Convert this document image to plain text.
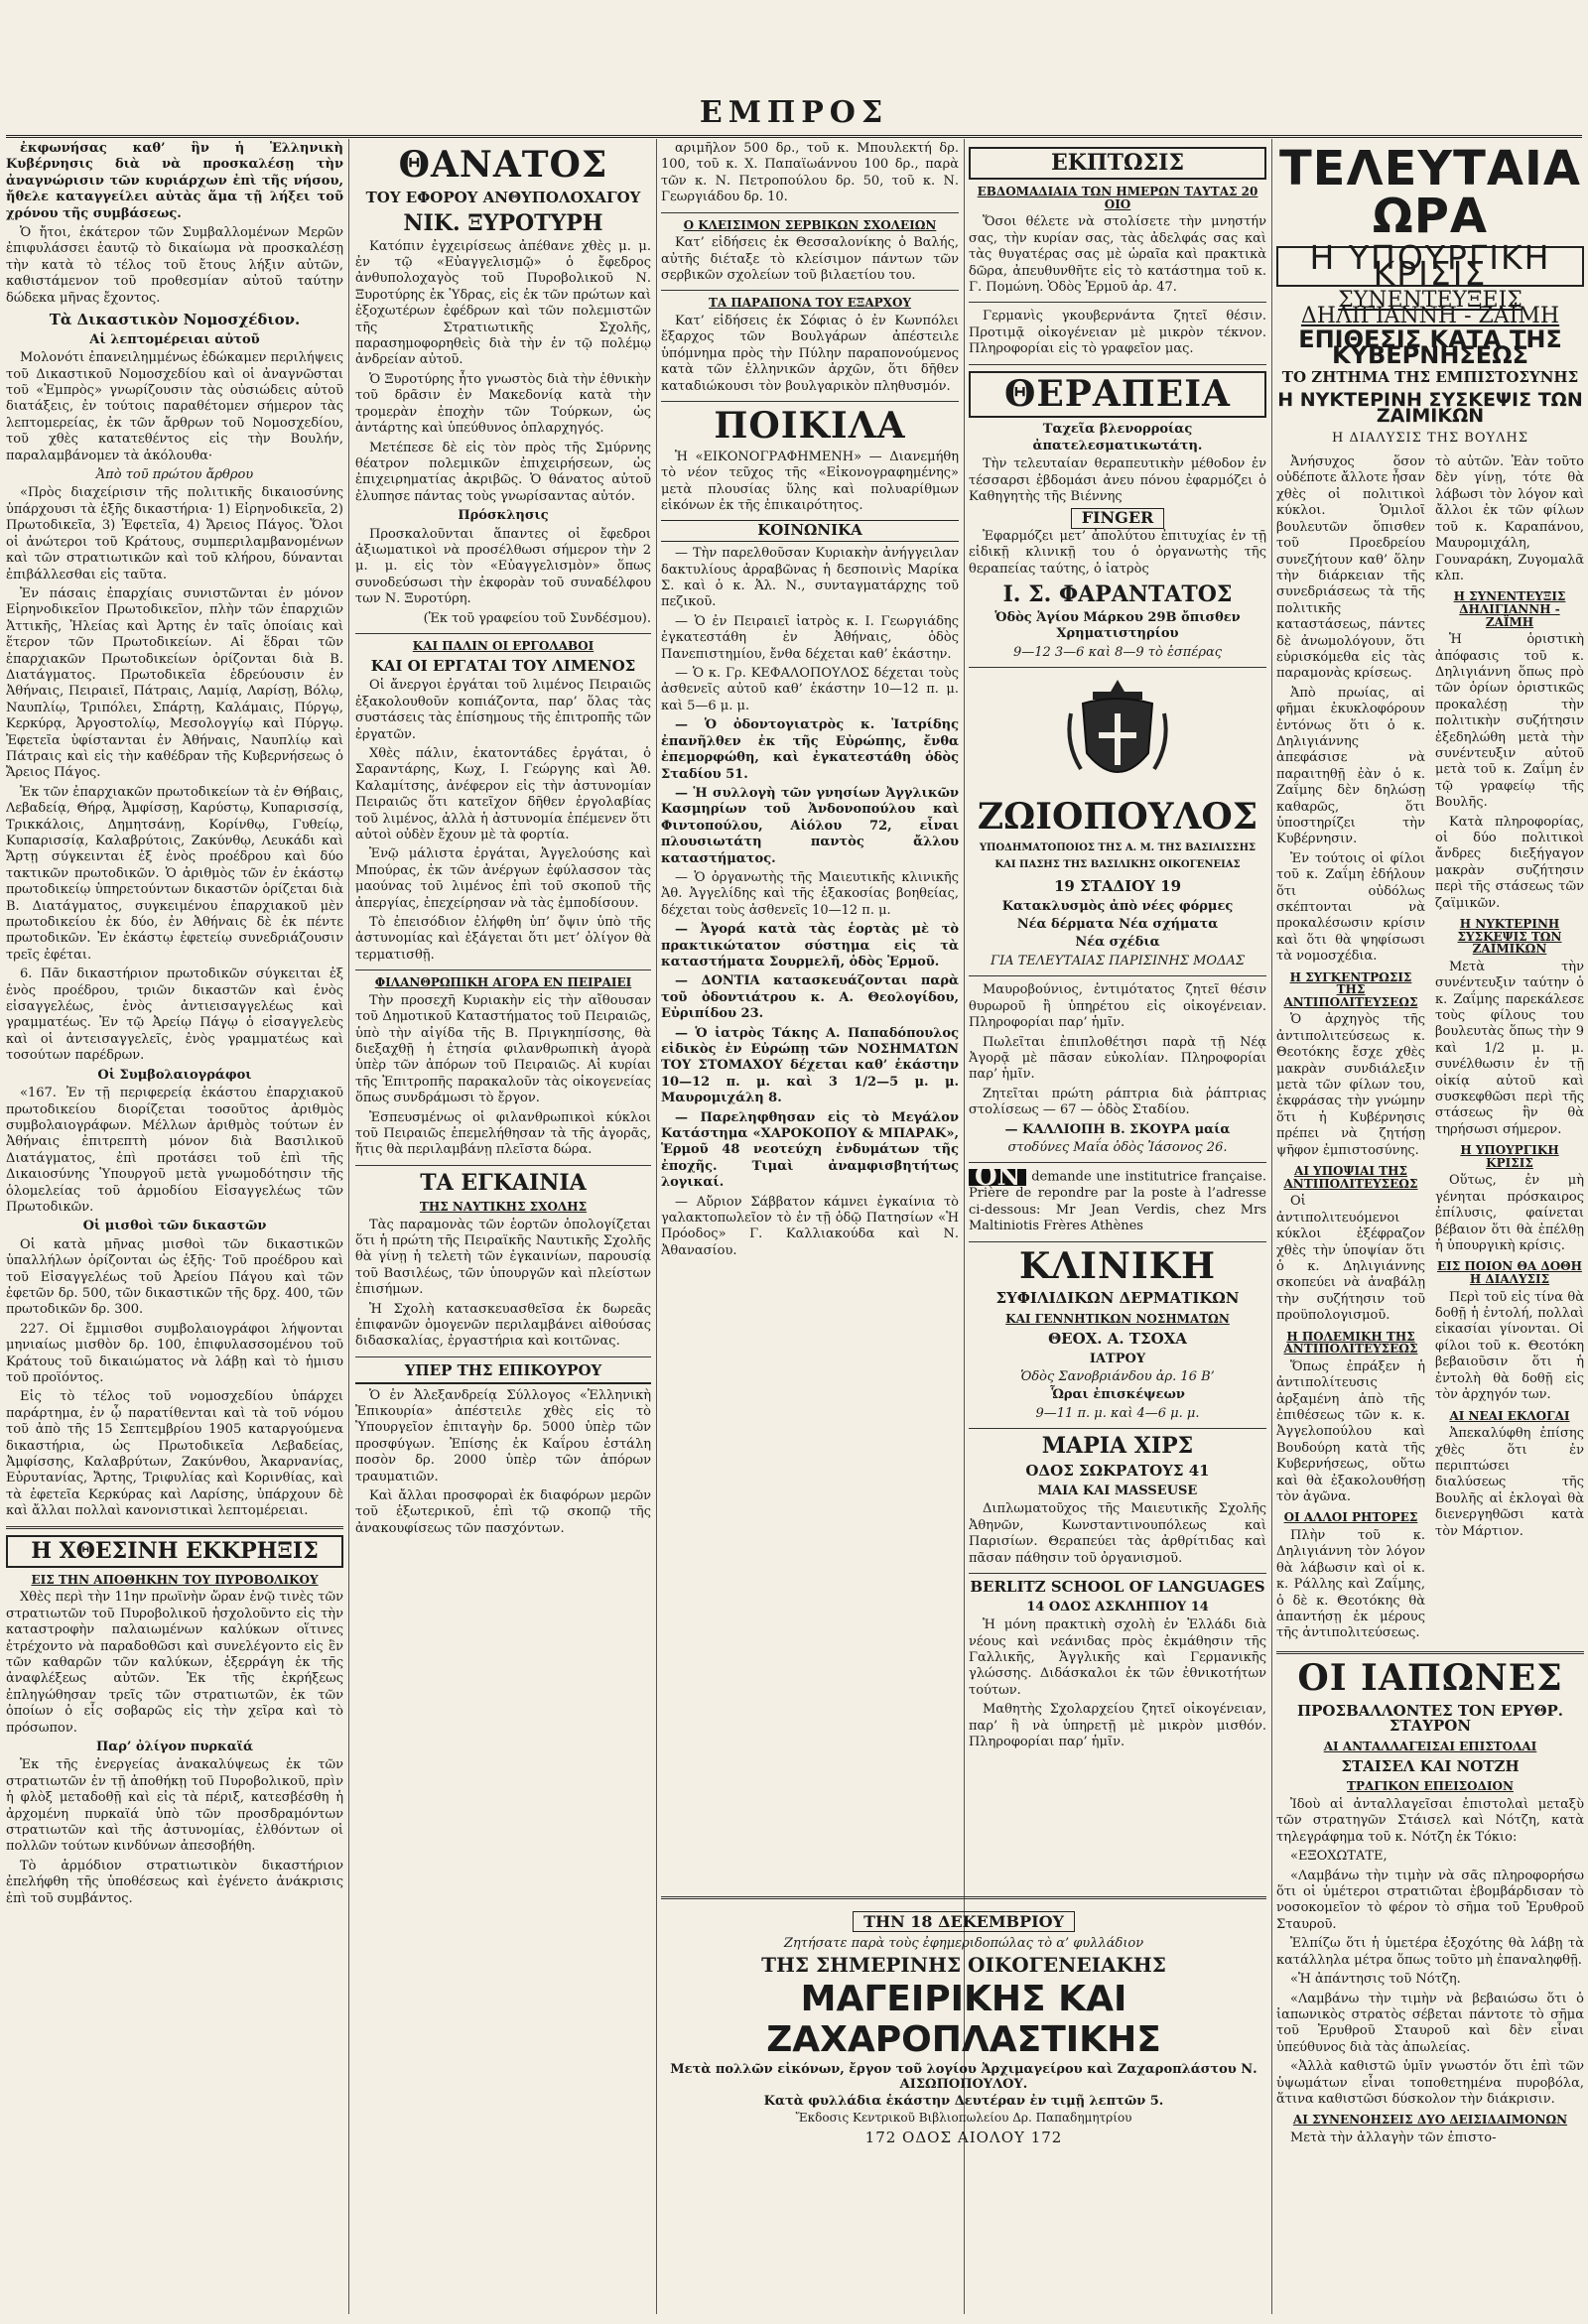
ΕΜΠΡΟΣ

ἐκφωνήσας καθ’ ἣν ἡ Ἑλληνικὴ Κυβέρνησις διὰ νὰ προσκαλέσῃ τὴν ἀναγνώρισιν τῶν κυριάρχων ἐπὶ τῆς νήσου, ἤθελε καταγγείλει αὐτὰς ἅμα τῇ λήξει τοῦ χρόνου τῆς συμβάσεως.

Ὁ ἤτοι, ἑκάτερον τῶν Συμβαλλομένων Μερῶν ἐπιφυλάσσει ἑαυτῷ τὸ δικαίωμα νὰ προσκαλέσῃ τὴν κατὰ τὸ τέλος τοῦ ἔτους λήξιν αὐτῶν, καθιστάμενον τοῦ προθεσμίαν αὐτοῦ ταύτην δώδεκα μῆνας ἔχοντος.

Τὰ Δικαστικὸν Νομοσχέδιον.
Αἱ λεπτομέρειαι αὐτοῦ

Μολονότι ἐπανειλημμένως ἐδώκαμεν περιλήψεις τοῦ Δικαστικοῦ Νομοσχεδίου καὶ οἱ ἀναγνῶσται τοῦ «Ἐμπρὸς» γνωρίζουσιν τὰς οὐσιώδεις αὐτοῦ διατάξεις, ἐν τούτοις παραθέτομεν σήμερον τὰς λεπτομερείας, ἐκ τῶν ἄρθρων τοῦ Νομοσχεδίου, τοῦ χθὲς κατατεθέντος εἰς τὴν Βουλήν, παραλαμβάνομεν τὰ ἀκόλουθα·

Ἀπὸ τοῦ πρώτου ἄρθρου

«Πρὸς διαχείρισιν τῆς πολιτικῆς δικαιοσύνης ὑπάρχουσι τὰ ἑξῆς δικαστήρια· 1) Εἰρηνοδικεῖα, 2) Πρωτοδικεῖα, 3) Ἐφετεῖα, 4) Ἄρειος Πάγος. Ὅλοι οἱ ἀνώτεροι τοῦ Κράτους, συμπεριλαμβανομένων καὶ τῶν στρατιωτικῶν καὶ τοῦ κλήρου, δύνανται ἐπιβάλλεσθαι εἰς ταῦτα.

Ἐν πάσαις ἐπαρχίαις συνιστῶνται ἐν μόνον Εἰρηνοδικεῖον Πρωτοδικεῖον, πλὴν τῶν ἐπαρχιῶν Ἀττικῆς, Ἠλείας καὶ Ἀρτης ἐν ταῖς ὁποίαις καὶ ἕτερον τῶν Πρωτοδικείων. Αἱ ἕδραι τῶν ἐπαρχιακῶν Πρωτοδικείων ὁρίζονται διὰ Β. Διατάγματος. Πρωτοδικεῖα ἐδρεύουσιν ἐν Ἀθήναις, Πειραιεῖ, Πάτραις, Λαμίᾳ, Λαρίσῃ, Βόλῳ, Ναυπλίῳ, Τριπόλει, Σπάρτῃ, Καλάμαις, Πύργῳ, Κερκύρᾳ, Ἀργοστολίῳ, Μεσολογγίῳ καὶ Πύργῳ. Ἐφετεῖα ὑφίστανται ἐν Ἀθήναις, Ναυπλίῳ καὶ Πάτραις καὶ εἰς τὴν καθέδραν τῆς Κυβερνήσεως ὁ Ἄρειος Πάγος.

Ἐκ τῶν ἐπαρχιακῶν πρωτοδικείων τὰ ἐν Θήβαις, Λεβαδείᾳ, Θήρᾳ, Ἀμφίσσῃ, Καρύστῳ, Κυπαρισσίᾳ, Τρικκάλοις, Δημητσάνῃ, Κορίνθῳ, Γυθείῳ, Κυπαρισσίᾳ, Καλαβρύτοις, Ζακύνθῳ, Λευκάδι καὶ Ἄρτῃ σύγκεινται ἐξ ἑνὸς προέδρου καὶ δύο τακτικῶν πρωτοδικῶν. Ὁ ἀριθμὸς τῶν ἐν ἑκάστῳ πρωτοδικείῳ ὑπηρετούντων δικαστῶν ὁρίζεται διὰ Β. Διατάγματος, συγκειμένου ἐπαρχιακοῦ μὲν πρωτοδικείου ἐκ δύο, ἐν Ἀθήναις δὲ ἐκ πέντε πρωτοδικῶν. Ἐν ἑκάστῳ ἐφετείῳ συνεδριάζουσιν τρεῖς ἐφέται.

6. Πᾶν δικαστήριον πρωτοδικῶν σύγκειται ἐξ ἑνὸς προέδρου, τριῶν δικαστῶν καὶ ἑνὸς εἰσαγγελέως, ἑνὸς ἀντιεισαγγελέως καὶ γραμματέως. Ἐν τῷ Ἀρείῳ Πάγῳ ὁ εἰσαγγελεὺς καὶ οἱ ἀντεισαγγελεῖς, ἐνὸς γραμματέως καὶ τοσούτων παρέδρων.

Οἱ Συμβολαιογράφοι

«167. Ἐν τῇ περιφερείᾳ ἑκάστου ἐπαρχιακοῦ πρωτοδικείου διορίζεται τοσοῦτος ἀριθμὸς συμβολαιογράφων. Μέλλων ἀριθμὸς τούτων ἐν Ἀθήναις ἐπιτρεπτὴ μόνον διὰ Βασιλικοῦ Διατάγματος, ἐπὶ προτάσει τοῦ ἐπὶ τῆς Δικαιοσύνης Ὑπουργοῦ μετὰ γνωμοδότησιν τῆς ὁλομελείας τοῦ ἁρμοδίου Εἰσαγγελέως τῶν Πρωτοδικῶν.

Οἱ μισθοὶ τῶν δικαστῶν

Οἱ κατὰ μῆνας μισθοὶ τῶν δικαστικῶν ὑπαλλήλων ὁρίζονται ὡς ἑξῆς· Τοῦ προέδρου καὶ τοῦ Εἰσαγγελέως τοῦ Ἀρείου Πάγου καὶ τῶν ἐφετῶν δρ. 500, τῶν δικαστικῶν τῆς δρχ. 400, τῶν πρωτοδικῶν δρ. 300.

227. Οἱ ἔμμισθοι συμβολαιογράφοι λήψονται μηνιαίως μισθὸν δρ. 100, ἐπιφυλασσομένου τοῦ Κράτους τοῦ δικαιώματος νὰ λάβῃ καὶ τὸ ἡμισυ τοῦ προϊόντος.

Εἰς τὸ τέλος τοῦ νομοσχεδίου ὑπάρχει παράρτημα, ἐν ᾧ παρατίθενται καὶ τὰ τοῦ νόμου τοῦ ἀπὸ τῆς 15 Σεπτεμβρίου 1905 καταργούμενα δικαστήρια, ὡς Πρωτοδικεῖα Λεβαδείας, Ἀμφίσσης, Καλαβρύτων, Ζακύνθου, Ἀκαρνανίας, Εὐρυτανίας, Ἄρτης, Τριφυλίας καὶ Κορινθίας, καὶ τὰ ἐφετεῖα Κερκύρας καὶ Λαρίσης, ὑπάρχουν δὲ καὶ ἄλλαι πολλαὶ κανονιστικαὶ λεπτομέρειαι.

Η ΧΘΕΣΙΝΗ ΕΚΚΡΗΞΙΣ
ΕΙΣ ΤΗΝ ΑΠΟΘΗΚΗΝ ΤΟΥ ΠΥΡΟΒΟΛΙΚΟΥ

Χθὲς περὶ τὴν 11ην πρωϊνὴν ὥραν ἐνῷ τινὲς τῶν στρατιωτῶν τοῦ Πυροβολικοῦ ἠσχολοῦντο εἰς τὴν καταστροφὴν παλαιωμένων καλύκων οἵτινες ἐτρέχοντο νὰ παραδοθῶσι καὶ συνελέγοντο εἰς ἓν τῶν καθαρῶν τῶν καλύκων, ἐξερράγη ἐκ τῆς ἀναφλέξεως αὐτῶν. Ἐκ τῆς ἐκρήξεως ἐπληγώθησαν τρεῖς τῶν στρατιωτῶν, ἐκ τῶν ὁποίων ὁ εἷς σοβαρῶς εἰς τὴν χεῖρα καὶ τὸ πρόσωπον.

Παρ’ ὀλίγον πυρκαϊά

Ἐκ τῆς ἐνεργείας ἀνακαλύψεως ἐκ τῶν στρατιωτῶν ἐν τῇ ἀποθήκῃ τοῦ Πυροβολικοῦ, πρὶν ἡ φλὸξ μεταδοθῇ καὶ εἰς τὰ πέριξ, κατεσβέσθη ἡ ἀρχομένη πυρκαϊά ὑπὸ τῶν προσδραμόντων στρατιωτῶν καὶ τῆς ἀστυνομίας, ἐλθόντων οἱ πολλῶν τούτων κινδύνων ἀπεσοβήθη.

Τὸ ἁρμόδιον στρατιωτικὸν δικαστήριον ἐπελήφθη τῆς ὑποθέσεως καὶ ἐγένετο ἀνάκρισις ἐπὶ τοῦ συμβάντος.

ΘΑΝΑΤΟΣ
ΤΟΥ ΕΦΟΡΟΥ ΑΝΘΥΠΟΛΟΧΑΓΟΥ
ΝΙΚ. ΞΥΡΟΤΥΡΗ

Κατόπιν ἐγχειρίσεως ἀπέθανε χθὲς μ. μ. ἐν τῷ «Εὐαγγελισμῷ» ὁ ἔφεδρος ἀνθυπολοχαγὸς τοῦ Πυροβολικοῦ Ν. Ξυροτύρης ἐκ Ὑδρας, εἰς ἐκ τῶν πρώτων καὶ ἐξοχωτέρων ἐφέδρων καὶ τῶν πολεμιστῶν τῆς Στρατιωτικῆς Σχολῆς, παρασημοφορηθεὶς διὰ τὴν ἐν τῷ πολέμῳ ἀνδρείαν αὐτοῦ.

Ὁ Ξυροτύρης ἦτο γνωστὸς διὰ τὴν ἐθνικὴν τοῦ δρᾶσιν ἐν Μακεδονίᾳ κατὰ τὴν τρομερὰν ἐποχὴν τῶν Τούρκων, ὡς ἀντάρτης καὶ ὑπεύθυνος ὁπλαρχηγός.

Μετέπεσε δὲ εἰς τὸν πρὸς τῆς Σμύρνης θέατρον πολεμικῶν ἐπιχειρήσεων, ὡς ἐπιχειρηματίας ἀκριβῶς. Ὁ θάνατος αὐτοῦ ἐλυπησε πάντας τοὺς γνωρίσαντας αὐτόν.

Πρόσκλησις

Προσκαλοῦνται ἅπαντες οἱ ἔφεδροι ἀξιωματικοὶ νὰ προσέλθωσι σήμερον τὴν 2 μ. μ. εἰς τὸν «Εὐαγγελισμὸν» ὅπως συνοδεύσωσι τὴν ἐκφορὰν τοῦ συναδέλφου των Ν. Ξυροτύρη.

(Ἐκ τοῦ γραφείου τοῦ Συνδέσμου).

ΚΑΙ ΠΑΛΙΝ ΟΙ ΕΡΓΟΛΑΒΟΙ
ΚΑΙ ΟΙ ΕΡΓΑΤΑΙ ΤΟΥ ΛΙΜΕΝΟΣ

Οἱ ἄνεργοι ἐργάται τοῦ λιμένος Πειραιῶς ἐξακολουθοῦν κοπιάζοντα, παρ’ ὅλας τὰς συστάσεις τὰς ἐπίσημους τῆς ἐπιτροπῆς τῶν ἐργατῶν.

Χθὲς πάλιν, ἑκατοντάδες ἐργάται, ὁ Σαραντάρης, Κωχ, Ι. Γεώργης καὶ Ἀθ. Καλαμίτσης, ἀνέφερον εἰς τὴν ἀστυνομίαν Πειραιῶς ὅτι κατεῖχον δῆθεν ἐργολαβίας τοῦ λιμένος, ἀλλὰ ἡ ἀστυνομία ἐπέμενεν ὅτι αὐτοὶ οὐδὲν ἔχουν μὲ τὰ φορτία.

Ἐνῷ μάλιστα ἐργάται, Ἀγγελούσης καὶ Μπούρας, ἐκ τῶν ἀνέργων ἐφύλασσον τὰς μαούνας τοῦ λιμένος ἐπὶ τοῦ σκοποῦ τῆς ἀπεργίας, ἐπεχείρησαν νὰ τὰς ἐμποδίσουν.

Τὸ ἐπεισόδιον ἐλήφθη ὑπ’ ὄψιν ὑπὸ τῆς ἀστυνομίας καὶ ἐξάγεται ὅτι μετ’ ὀλίγον θὰ τερματισθῇ.

ΦΙΛΑΝΘΡΩΠΙΚΗ ΑΓΟΡΑ ΕΝ ΠΕΙΡΑΙΕΙ

Τὴν προσεχῆ Κυριακὴν εἰς τὴν αἴθουσαν τοῦ Δημοτικοῦ Καταστήματος τοῦ Πειραιῶς, ὑπὸ τὴν αἰγίδα τῆς Β. Πριγκηπίσσης, θὰ διεξαχθῇ ἡ ἐτησία φιλανθρωπικὴ ἀγορὰ ὑπὲρ τῶν ἀπόρων τοῦ Πειραιῶς. Αἱ κυρίαι τῆς Ἐπιτροπῆς παρακαλοῦν τὰς οἰκογενείας ὅπως συνδράμωσι τὸ ἔργον.

Ἐσπευσμένως οἱ φιλανθρωπικοὶ κύκλοι τοῦ Πειραιῶς ἐπεμελήθησαν τὰ τῆς ἀγορᾶς, ἥτις θὰ περιλαμβάνῃ πλεῖστα δώρα.

ΤΑ ΕΓΚΑΙΝΙΑ
ΤΗΣ ΝΑΥΤΙΚΗΣ ΣΧΟΛΗΣ

Τὰς παραμονὰς τῶν ἑορτῶν ὁπολογίζεται ὅτι ἡ πρώτη τῆς Πειραϊκῆς Ναυτικῆς Σχολῆς θὰ γίνῃ ἡ τελετὴ τῶν ἐγκαινίων, παρουσίᾳ τοῦ Βασιλέως, τῶν ὑπουργῶν καὶ πλείστων ἐπισήμων.

Ἡ Σχολὴ κατασκευασθεῖσα ἐκ δωρεᾶς ἐπιφανῶν ὁμογενῶν περιλαμβάνει αἰθούσας διδασκαλίας, ἐργαστήρια καὶ κοιτῶνας.

ΥΠΕΡ ΤΗΣ ΕΠΙΚΟΥΡΟΥ

Ὁ ἐν Ἀλεξανδρείᾳ Σύλλογος «Ἑλληνικὴ Ἐπικουρία» ἀπέστειλε χθὲς εἰς τὸ Ὑπουργεῖον ἐπιταγὴν δρ. 5000 ὑπὲρ τῶν προσφύγων. Ἐπίσης ἐκ Καΐρου ἐστάλη ποσὸν δρ. 2000 ὑπὲρ τῶν ἀπόρων τραυματιῶν.

Καὶ ἄλλαι προσφοραὶ ἐκ διαφόρων μερῶν τοῦ ἐξωτερικοῦ, ἐπὶ τῷ σκοπῷ τῆς ἀνακουφίσεως τῶν πασχόντων.

αριμῆλον 500 δρ., τοῦ κ. Μπουλεκτή δρ. 100, τοῦ κ. Χ. Παπαϊωάννου 100 δρ., παρὰ τῶν κ. Ν. Πετροπούλου δρ. 50, τοῦ κ. Ν. Γεωργιάδου δρ. 10.

Ο ΚΛΕΙΣΙΜΟΝ ΣΕΡΒΙΚΩΝ ΣΧΟΛΕΙΩΝ

Κατ’ εἰδήσεις ἐκ Θεσσαλονίκης ὁ Βαλής, αὐτῆς διέταξε τὸ κλείσιμον πάντων τῶν σερβικῶν σχολείων τοῦ βιλαετίου του.

ΤΑ ΠΑΡΑΠΟΝΑ ΤΟΥ ΕΞΑΡΧΟΥ

Κατ’ εἰδήσεις ἐκ Σόφιας ὁ ἐν Κωνπόλει ἔξαρχος τῶν Βουλγάρων ἀπέστειλε ὑπόμνημα πρὸς τὴν Πύλην παραπονούμενος κατὰ τῶν ἑλληνικῶν ἀρχῶν, ὅτι δῆθεν καταδιώκουσι τὸν βουλγαρικὸν πληθυσμόν.

ΠΟΙΚΙΛΑ

Ἡ «ΕΙΚΟΝΟΓΡΑΦΗΜΕΝΗ» — Διανεμήθη τὸ νέον τεῦχος τῆς «Εἰκονογραφημένης» μετὰ πλουσίας ὕλης καὶ πολυαρίθμων εἰκόνων ἐκ τῆς ἐπικαιρότητος.

ΚΟΙΝΩΝΙΚΑ

— Τὴν παρελθοῦσαν Κυριακὴν ἀνήγγειλαν δακτυλίους ἀρραβῶνας ἡ δεσποινὶς Μαρίκα Σ. καὶ ὁ κ. Ἀλ. Ν., συνταγματάρχης τοῦ πεζικοῦ.

— Ὁ ἐν Πειραιεῖ ἰατρὸς κ. Ι. Γεωργιάδης ἐγκατεστάθη ἐν Ἀθήναις, ὁδὸς Πανεπιστημίου, ἔνθα δέχεται καθ’ ἑκάστην.

— Ὁ κ. Γρ. ΚΕΦΑΛΟΠΟΥΛΟΣ δέχεται τοὺς ἀσθενεῖς αὐτοῦ καθ’ ἑκάστην 10—12 π. μ. καὶ 5—6 μ. μ.

— Ὁ ὀδοντογιατρὸς κ. Ἰατρίδης ἐπανῆλθεν ἐκ τῆς Εὐρώπης, ἔνθα ἐπεμορφώθη, καὶ ἐγκατεστάθη ὁδὸς Σταδίου 51.

— Ἡ συλλογὴ τῶν γνησίων Ἀγγλικῶν Κασμηρίων τοῦ Ἀνδονοπούλου καὶ Φιντοπούλου, Αἰόλου 72, εἶναι πλουσιωτάτη παντὸς ἄλλου καταστήματος.

— Ὁ ὀργανωτὴς τῆς Μαιευτικῆς κλινικῆς Ἀθ. Ἀγγελίδης καὶ τῆς ἑξακοσίας βοηθείας, δέχεται τοὺς ἀσθενεῖς 10—12 π. μ.

— Ἀγορά κατὰ τὰς ἑορτὰς μὲ τὸ πρακτικώτατον σύστημα εἰς τὰ καταστήματα Σουρμελῆ, ὁδὸς Ἑρμοῦ.

— ΔΟΝΤΙΑ κατασκευάζονται παρὰ τοῦ ὀδοντιάτρου κ. Α. Θεολογίδου, Εὐριπίδου 23.

— Ὁ ἰατρὸς Τάκης Α. Παπαδόπουλος εἰδικὸς ἐν Εὐρώπῃ τῶν ΝΟΣΗΜΑΤΩΝ ΤΟΥ ΣΤΟΜΑΧΟΥ δέχεται καθ’ ἑκάστην 10—12 π. μ. καὶ 3 1/2—5 μ. μ. Μαυρομιχάλη 8.

— Παρεληφθησαν εἰς τὸ Μεγάλον Κατάστημα «ΧΑΡΟΚΟΠΟΥ & ΜΠΑΡΑΚ», Ἑρμοῦ 48 νεοτεύχη ἐνδυμάτων τῆς ἐποχῆς. Τιμαὶ ἀναμφισβητήτως λογικαί.

— Αὔριον Σάββατον κάμνει ἐγκαίνια τὸ γαλακτοπωλεῖον τὸ ἐν τῇ ὁδῷ Πατησίων «Ἡ Πρόοδος» Γ. Καλλιακούδα καὶ Ν. Ἀθανασίου.

ΕΚΠΤΩΣΙΣ
ΕΒΔΟΜΑΔΙΑΙΑ ΤΩΝ ΗΜΕΡΩΝ ΤΑΥΤΑΣ 20 ΟΙΟ

Ὅσοι θέλετε νὰ στολίσετε τὴν μνηστήν σας, τὴν κυρίαν σας, τὰς ἀδελφάς σας καὶ τὰς θυγατέρας σας μὲ ὡραῖα καὶ πρακτικὰ δῶρα, ἀπευθυνθῆτε εἰς τὸ κατάστημα τοῦ κ. Γ. Πομώνη. Ὁδὸς Ἑρμοῦ ἀρ. 47.

Γερμανὶς γκουβερνάντα ζητεῖ θέσιν. Προτιμᾷ οἰκογένειαν μὲ μικρὸν τέκνον. Πληροφορίαι εἰς τὸ γραφεῖον μας.

ΘΕΡΑΠΕΙΑ
Ταχεῖα βλενορροίας ἀπατελεσματικωτάτη.

Τὴν τελευταίαν θεραπευτικὴν μέθοδον ἐν τέσσαρσι ἑβδομάσι ἀνευ πόνου ἐφαρμόζει ὁ Καθηγητὴς τῆς Βιέννης

FINGER

Ἐφαρμόζει μετ’ ἀπολύτου ἐπιτυχίας ἐν τῇ εἰδικῇ κλινικῇ του ὁ ὀργανωτὴς τῆς θεραπείας ταύτης, ὁ ἰατρὸς

Ι. Σ. ΦΑΡΑΝΤΑΤΟΣ
Ὁδὸς Ἁγίου Μάρκου 29Β ὄπισθεν Χρηματιστηρίου
9—12 3—6 καὶ 8—9 τὸ ἑσπέρας
ΖΩΙΟΠΟΥΛΟΣ
ΥΠΟΔΗΜΑΤΟΠΟΙΟΣ ΤΗΣ Α. Μ. ΤΗΣ ΒΑΣΙΛΙΣΣΗΣ ΚΑΙ ΠΑΣΗΣ ΤΗΣ ΒΑΣΙΛΙΚΗΣ ΟΙΚΟΓΕΝΕΙΑΣ
19 ΣΤΑΔΙΟΥ 19
Κατακλυσμὸς ἀπὸ νέες φόρμες
Νέα δέρματα Νέα σχήματα
Νέα σχέδια
ΓΙΑ ΤΕΛΕΥΤΑΙΑΣ ΠΑΡΙΣΙΝΗΣ ΜΟΔΑΣ

Μαυροβούνιος, ἐντιμότατος ζητεῖ θέσιν θυρωροῦ ἢ ὑπηρέτου εἰς οἰκογένειαν. Πληροφορίαι παρ’ ἡμῖν.

Πωλεῖται ἐπιπλοθέτησι παρὰ τῇ Νέᾳ Ἀγορᾷ μὲ πᾶσαν εὐκολίαν. Πληροφορίαι παρ’ ἡμῖν.

Ζητεῖται πρώτη ράπτρια διὰ ῥάπτριας στολίσεως — 67 — ὁδὸς Σταδίου.

— ΚΑΛΛΙΟΠΗ Β. ΣΚΟΥΡΑ μαία
στοδύνες Μαΐα ὁδὸς Ἰάσονος 26.

ON demande une institutrice française. Prière de repondre par la poste à l’adresse ci-dessous: Mr Jean Verdis, chez Mrs Maltiniotis Frères Athènes

ΚΛΙΝΙΚΗ
ΣΥΦΙΛΙΔΙΚΩΝ ΔΕΡΜΑΤΙΚΩΝ
ΚΑΙ ΓΕΝΝΗΤΙΚΩΝ ΝΟΣΗΜΑΤΩΝ
ΘΕΟΧ. Α. ΤΣΟΧΑ
ΙΑΤΡΟΥ
Ὁδὸς Σανοβριάνδου ἀρ. 16 Β’
Ὧραι ἐπισκέψεων
9—11 π. μ. καὶ 4—6 μ. μ.
ΜΑΡΙΑ ΧΙΡΣ
ΟΔΟΣ ΣΩΚΡΑΤΟΥΣ 41
ΜΑΙΑ ΚΑΙ MASSEUSE

Διπλωματοῦχος τῆς Μαιευτικῆς Σχολῆς Ἀθηνῶν, Κωνσταντινουπόλεως καὶ Παρισίων. Θεραπεύει τὰς ἀρθρίτιδας καὶ πᾶσαν πάθησιν τοῦ ὀργανισμοῦ.

BERLITZ SCHOOL OF LANGUAGES
14 ΟΔΟΣ ΑΣΚΛΗΠΙΟΥ 14

Ἡ μόνη πρακτικὴ σχολὴ ἐν Ἑλλάδι διὰ νέους καὶ νεάνιδας πρὸς ἐκμάθησιν τῆς Γαλλικῆς, Ἀγγλικῆς καὶ Γερμανικῆς γλώσσης. Διδάσκαλοι ἐκ τῶν ἐθνικοτήτων τούτων.

Μαθητὴς Σχολαρχείου ζητεῖ οἰκογένειαν, παρ’ ἣ νὰ ὑπηρετῇ μὲ μικρὸν μισθόν. Πληροφορίαι παρ’ ἡμῖν.

ΤΕΛΕΥΤΑΙΑ ΩΡΑ
Η ΥΠΟΥΡΓΙΚΗ ΚΡΙΣΙΣ
ΣΥΝΕΝΤΕΥΞΕΙΣ ΔΗΛΙΓΙΑΝΝΗ - ΖΑΪΜΗ
ΕΠΙΘΕΣΙΣ ΚΑΤΑ ΤΗΣ ΚΥΒΕΡΝΗΣΕΩΣ
ΤΟ ΖΗΤΗΜΑ ΤΗΣ ΕΜΠΙΣΤΟΣΥΝΗΣ
Η ΝΥΚΤΕΡΙΝΗ ΣΥΣΚΕΨΙΣ ΤΩΝ ΖΑΙΜΙΚΩΝ
Η ΔΙΑΛΥΣΙΣ ΤΗΣ ΒΟΥΛΗΣ

Ἀνήσυχος ὅσον οὐδέποτε ἄλλοτε ἦσαν χθὲς οἱ πολιτικοὶ κύκλοι. Ὁμιλοῖ βουλευτῶν ὅπισθεν τοῦ Προεδρείου συνεζήτουν καθ’ ὅλην τὴν διάρκειαν τῆς συνεδριάσεως τὰ τῆς πολιτικῆς καταστάσεως, πάντες δὲ ἀνωμολόγουν, ὅτι εὑρισκόμεθα εἰς τὰς παραμονὰς κρίσεως.

Ἀπὸ πρωίας, αἱ φῆμαι ἐκυκλοφόρουν ἐντόνως ὅτι ὁ κ. Δηλιγιάννης ἀπεφάσισε νὰ παραιτηθῇ ἐὰν ὁ κ. Ζαΐμης δὲν δηλώσῃ καθαρῶς, ὅτι ὑποστηρίζει τὴν Κυβέρνησιν.

Ἐν τούτοις οἱ φίλοι τοῦ κ. Ζαΐμη ἐδήλουν ὅτι οὐδόλως σκέπτονται νὰ προκαλέσωσιν κρίσιν καὶ ὅτι θὰ ψηφίσωσι τὰ νομοσχέδια.

Η ΣΥΓΚΕΝΤΡΩΣΙΣ ΤΗΣ ΑΝΤΙΠΟΛΙΤΕΥΣΕΩΣ

Ὁ ἀρχηγὸς τῆς ἀντιπολιτεύσεως κ. Θεοτόκης ἔσχε χθὲς μακρὰν συνδιάλεξιν μετὰ τῶν φίλων του, ἐκφράσας τὴν γνώμην ὅτι ἡ Κυβέρνησις πρέπει νὰ ζητήσῃ ψῆφον ἐμπιστοσύνης.

ΑΙ ΥΠΟΨΙΑΙ ΤΗΣ ΑΝΤΙΠΟΛΙΤΕΥΣΕΩΣ

Οἱ ἀντιπολιτευόμενοι κύκλοι ἐξέφραζον χθὲς τὴν ὑποψίαν ὅτι ὁ κ. Δηλιγιάννης σκοπεύει νὰ ἀναβάλῃ τὴν συζήτησιν τοῦ προϋπολογισμοῦ.

Η ΠΟΛΕΜΙΚΗ ΤΗΣ ΑΝΤΙΠΟΛΙΤΕΥΣΕΩΣ

Ὅπως ἐπράξεν ἡ ἀντιπολίτευσις ἀρξαμένη ἀπὸ τῆς ἐπιθέσεως τῶν κ. κ. Ἀγγελοπούλου καὶ Βουδούρη κατὰ τῆς Κυβερνήσεως, οὕτω καὶ θὰ ἐξακολουθήσῃ τὸν ἀγῶνα.

ΟΙ ΑΛΛΟΙ ΡΗΤΟΡΕΣ

Πλὴν τοῦ κ. Δηλιγιάννη τὸν λόγον θὰ λάβωσιν καὶ οἱ κ. κ. Ράλλης καὶ Ζαΐμης, ὁ δὲ κ. Θεοτόκης θὰ ἀπαντήσῃ ἐκ μέρους τῆς ἀντιπολιτεύσεως.

τὸ αὐτῶν. Ἐὰν τοῦτο δὲν γίνῃ, τότε θὰ λάβωσι τὸν λόγον καὶ ἄλλοι ἐκ τῶν φίλων τοῦ κ. Καραπάνου, Μαυρομιχάλη, Γουναράκη, Ζυγομαλᾶ κλπ.

Η ΣΥΝΕΝΤΕΥΞΙΣ ΔΗΛΙΓΙΑΝΝΗ - ΖΑΪΜΗ

Ἡ ὁριστικὴ ἀπόφασις τοῦ κ. Δηλιγιάννη ὅπως πρὸ τῶν ὁρίων ὁριστικῶς προκαλέσῃ τὴν πολιτικὴν συζήτησιν ἐξεδηλώθη μετὰ τὴν συνέντευξιν αὐτοῦ μετὰ τοῦ κ. Ζαΐμη ἐν τῷ γραφείῳ τῆς Βουλῆς.

Κατὰ πληροφορίας, οἱ δύο πολιτικοὶ ἄνδρες διεξήγαγον μακρὰν συζήτησιν περὶ τῆς στάσεως τῶν ζαϊμικῶν.

Η ΝΥΚΤΕΡΙΝΗ ΣΥΣΚΕΨΙΣ ΤΩΝ ΖΑΪΜΙΚΩΝ

Μετὰ τὴν συνέντευξιν ταύτην ὁ κ. Ζαΐμης παρεκάλεσε τοὺς φίλους του βουλευτὰς ὅπως τὴν 9 καὶ 1/2 μ. μ. συνέλθωσιν ἐν τῇ οἰκίᾳ αὐτοῦ καὶ συσκεφθῶσι περὶ τῆς στάσεως ἣν θὰ τηρήσωσι σήμερον.

Η ΥΠΟΥΡΓΙΚΗ ΚΡΙΣΙΣ

Οὕτως, ἐν μὴ γένηται πρόσκαιρος ἐπίλυσις, φαίνεται βέβαιον ὅτι θὰ ἐπέλθῃ ἡ ὑπουργικὴ κρίσις.

ΕΙΣ ΠΟΙΟΝ ΘΑ ΔΟΘΗ Η ΔΙΑΛΥΣΙΣ

Περὶ τοῦ εἰς τίνα θὰ δοθῇ ἡ ἐντολή, πολλαὶ εἰκασίαι γίνονται. Οἱ φίλοι τοῦ κ. Θεοτόκη βεβαιοῦσιν ὅτι ἡ ἐντολὴ θὰ δοθῇ εἰς τὸν ἀρχηγόν των.

ΑΙ ΝΕΑΙ ΕΚΛΟΓΑΙ

Ἀπεκαλύφθη ἐπίσης χθὲς ὅτι ἐν περιπτώσει διαλύσεως τῆς Βουλῆς αἱ ἐκλογαὶ θὰ διενεργηθῶσι κατὰ τὸν Μάρτιον.

ΟΙ ΙΑΠΩΝΕΣ
ΠΡΟΣΒΑΛΛΟΝΤΕΣ ΤΟΝ ΕΡΥΘΡ. ΣΤΑΥΡΟΝ
ΑΙ ΑΝΤΑΛΛΑΓΕΙΣΑΙ ΕΠΙΣΤΟΛΑΙ
ΣΤΑΙΣΕΛ ΚΑΙ ΝΟΤΖΗ
ΤΡΑΓΙΚΟΝ ΕΠΕΙΣΟΔΙΟΝ

Ἰδοὺ αἱ ἀνταλλαγεῖσαι ἐπιστολαὶ μεταξὺ τῶν στρατηγῶν Στάισελ καὶ Νότζη, κατὰ τηλεγράφημα τοῦ κ. Νότζη ἐκ Τόκιο:

«ΕΞΟΧΩΤΑΤΕ,

«Λαμβάνω τὴν τιμὴν νὰ σᾶς πληροφορήσω ὅτι οἱ ὑμέτεροι στρατιῶται ἐβομβάρδισαν τὸ νοσοκομεῖον τὸ φέρον τὸ σῆμα τοῦ Ἐρυθροῦ Σταυροῦ.

Ἐλπίζω ὅτι ἡ ὑμετέρα ἐξοχότης θὰ λάβῃ τὰ κατάλληλα μέτρα ὅπως τοῦτο μὴ ἐπαναληφθῇ.

«Ἡ ἀπάντησις τοῦ Νότζη.

«Λαμβάνω τὴν τιμὴν νὰ βεβαιώσω ὅτι ὁ ἰαπωνικὸς στρατὸς σέβεται πάντοτε τὸ σῆμα τοῦ Ἐρυθροῦ Σταυροῦ καὶ δὲν εἶναι ὑπεύθυνος διὰ τὰς ἀπωλείας.

«Ἀλλὰ καθιστῶ ὑμῖν γνωστόν ὅτι ἐπὶ τῶν ὑψωμάτων εἶναι τοποθετημένα πυροβόλα, ἅτινα καθιστῶσι δύσκολον τὴν διάκρισιν.

ΑΙ ΣΥΝΕΝΟΗΣΕΙΣ ΔΥΟ ΔΕΙΣΙΔΑΙΜΟΝΩΝ

Μετὰ τὴν ἀλλαγὴν τῶν ἐπιστο-

ΤΗΝ 18 ΔΕΚΕΜΒΡΙΟΥ
Ζητήσατε παρὰ τοὺς ἐφημεριδοπώλας τὸ α’ φυλλάδιον
ΤΗΣ ΣΗΜΕΡΙΝΗΣ ΟΙΚΟΓΕΝΕΙΑΚΗΣ
ΜΑΓΕΙΡΙΚΗΣ ΚΑΙ ΖΑΧΑΡΟΠΛΑΣΤΙΚΗΣ
Μετὰ πολλῶν εἰκόνων, ἔργον τοῦ λογίου Ἀρχιμαγείρου καὶ Ζαχαροπλάστου Ν. ΑΙΣΩΠΟΠΟΥΛΟΥ.
Κατὰ φυλλάδια ἑκάστην Δευτέραν ἐν τιμῇ λεπτῶν 5.
Ἔκδοσις Κεντρικοῦ Βιβλιοπωλείου Δρ. Παπαδημητρίου
172 ΟΔΟΣ ΑΙΟΛΟΥ 172
